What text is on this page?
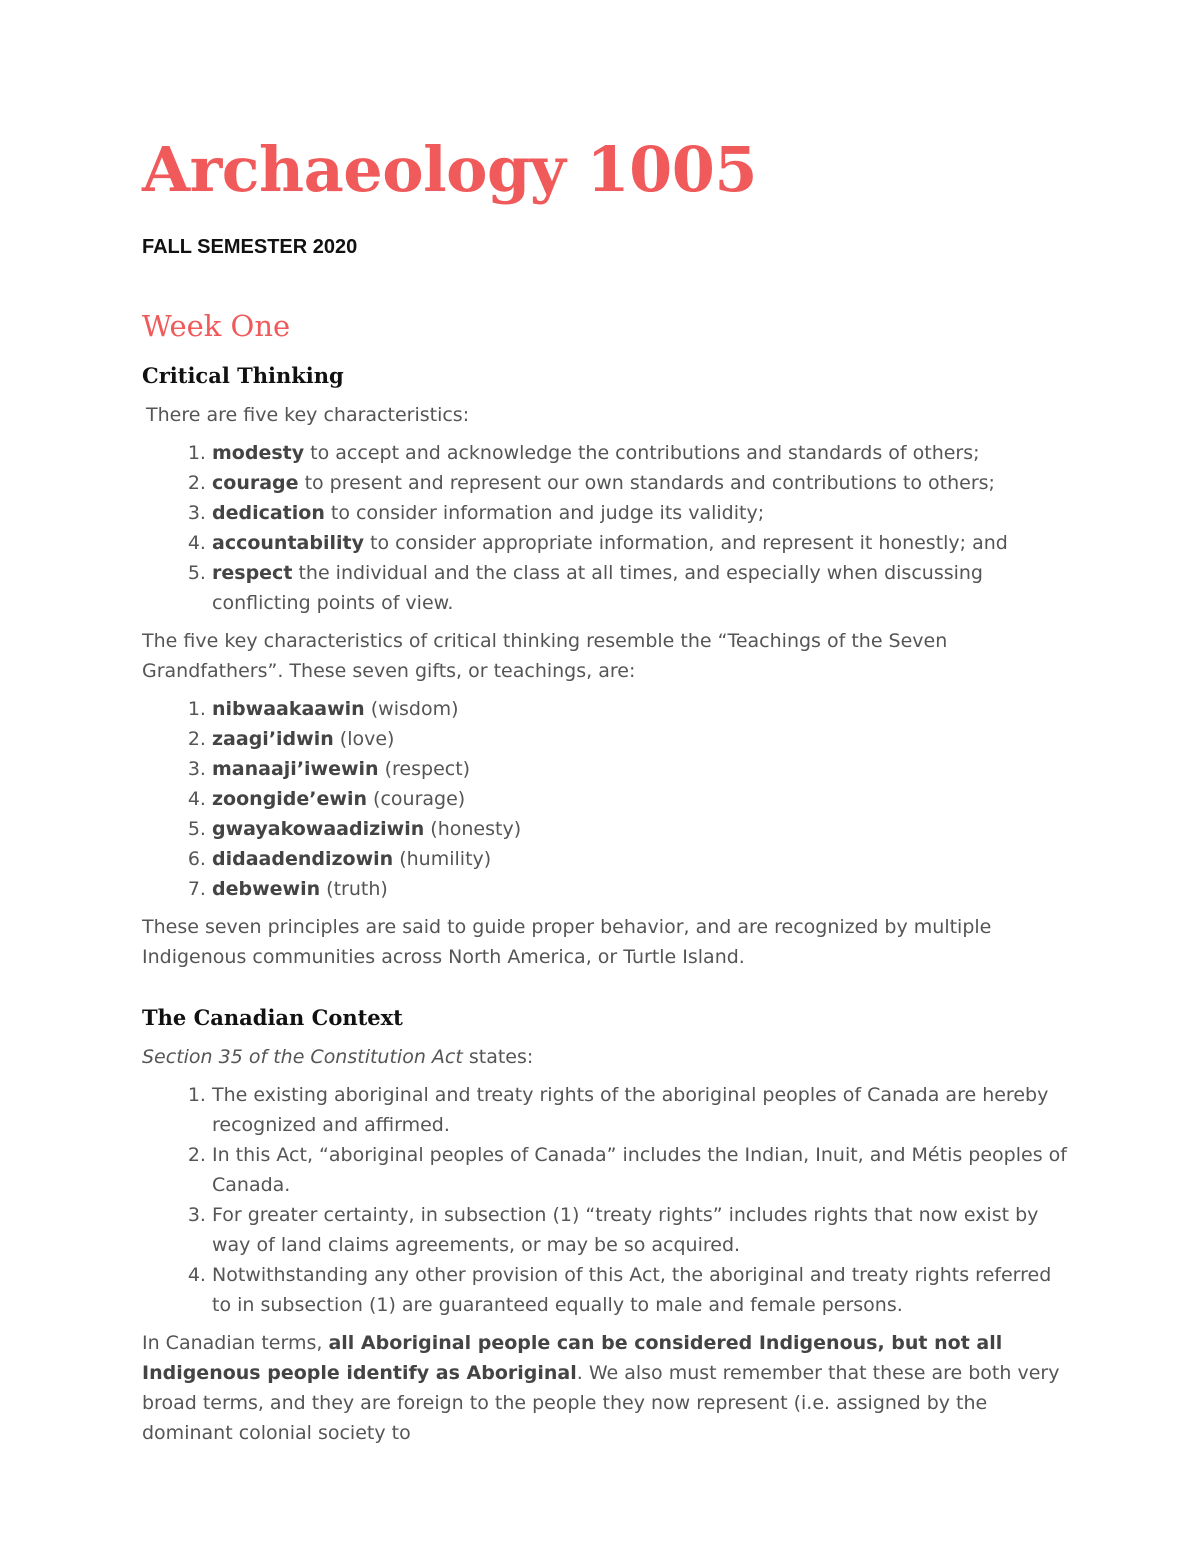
Archaeology 1005
FALL SEMESTER 2020
Week One
Critical Thinking

There are five key characteristics:

1. modesty to accept and acknowledge the contributions and standards of others;
2. courage to present and represent our own standards and contributions to others;
3. dedication to consider information and judge its validity;
4. accountability to consider appropriate information, and represent it honestly; and
5. respect the individual and the class at all times, and especially when discussing conflicting points of view.

The five key characteristics of critical thinking resemble the “Teachings of the Seven Grandfathers”. These seven gifts, or teachings, are:

1. nibwaakaawin (wisdom)
2. zaagi’idwin (love)
3. manaaji’iwewin (respect)
4. zoongide’ewin (courage)
5. gwayakowaadiziwin (honesty)
6. didaadendizowin (humility)
7. debwewin (truth)

These seven principles are said to guide proper behavior, and are recognized by multiple Indigenous communities across North America, or Turtle Island.

The Canadian Context

Section 35 of the Constitution Act states:

1. The existing aboriginal and treaty rights of the aboriginal peoples of Canada are hereby recognized and affirmed.
2. In this Act, “aboriginal peoples of Canada” includes the Indian, Inuit, and Métis peoples of Canada.
3. For greater certainty, in subsection (1) “treaty rights” includes rights that now exist by way of land claims agreements, or may be so acquired.
4. Notwithstanding any other provision of this Act, the aboriginal and treaty rights referred to in subsection (1) are guaranteed equally to male and female persons.

In Canadian terms, all Aboriginal people can be considered Indigenous, but not all Indigenous people identify as Aboriginal. We also must remember that these are both very broad terms, and they are foreign to the people they now represent (i.e. assigned by the dominant colonial society to
